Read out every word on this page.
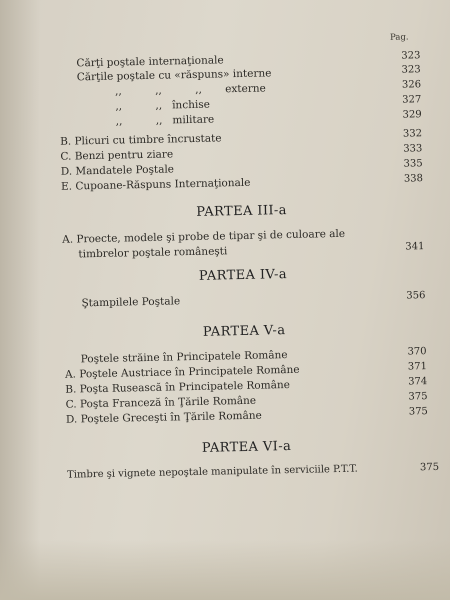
Pag.
Cărţi poştale internaţionale	323
Cărţile poştale cu «răspuns» interne	323
,,          ,,          ,,       externe	326
,,          ,,   închise	327
,,          ,,   militare	329
B. Plicuri cu timbre încrustate	332
C. Benzi pentru ziare	333
D. Mandatele Poştale	335
E. Cupoane-Răspuns Internaţionale	338
PARTEA III-a
A. Proecte, modele şi probe de tipar şi de culoare ale
timbrelor poştale româneşti	341
PARTEA IV-a
Ştampilele Poştale	356
PARTEA V-a
Poştele străine în Principatele Române	370
A. Poştele Austriace în Principatele Române	371
B. Poşta Rusească în Principatele Române	374
C. Poşta Franceză în Ţările Române	375
D. Poştele Greceşti în Ţările Române	375
PARTEA VI-a
Timbre şi vignete nepoştale manipulate în serviciile P.T.T.	375
